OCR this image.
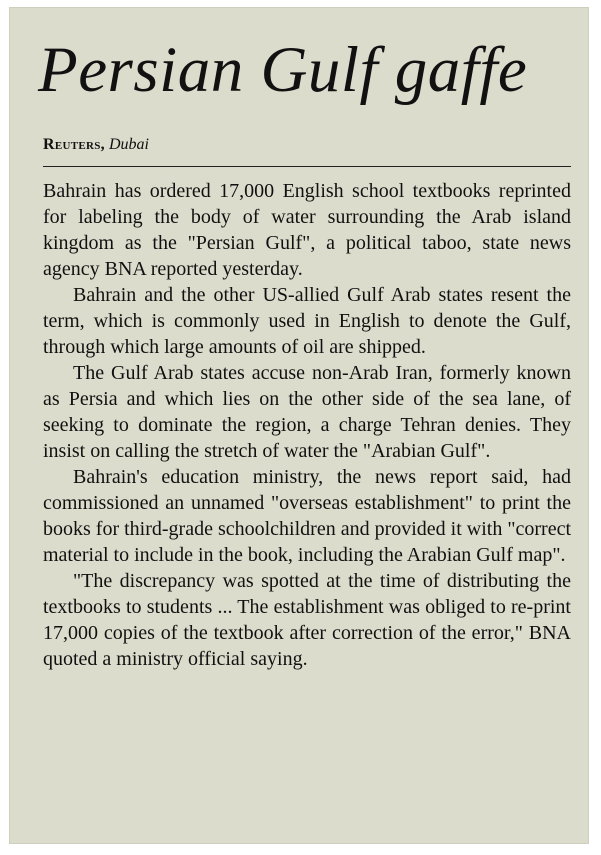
Persian Gulf gaffe
Reuters, Dubai

Bahrain has ordered 17,000 English school textbooks reprinted for labeling the body of water surrounding the Arab island kingdom as the "Persian Gulf", a political taboo, state news agency BNA reported yesterday.

Bahrain and the other US-allied Gulf Arab states resent the term, which is commonly used in English to denote the Gulf, through which large amounts of oil are shipped.

The Gulf Arab states accuse non-Arab Iran, formerly known as Persia and which lies on the other side of the sea lane, of seeking to dominate the region, a charge Tehran denies. They insist on calling the stretch of water the "Arabian Gulf".

Bahrain's education ministry, the news report said, had commissioned an unnamed "overseas establishment" to print the books for third-grade schoolchildren and provided it with "correct material to include in the book, including the Arabian Gulf map".

"The discrepancy was spotted at the time of distributing the textbooks to students ... The establishment was obliged to re-print 17,000 copies of the textbook after correction of the error," BNA quoted a ministry official saying.
